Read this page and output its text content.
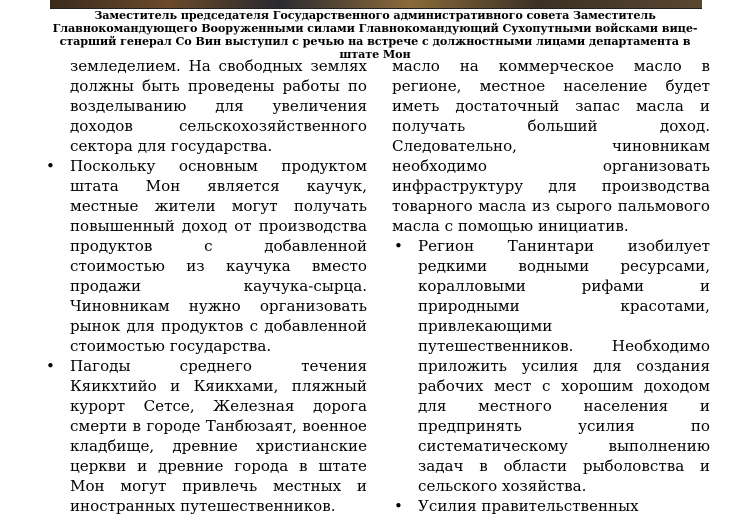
Заместитель председателя Государственного административного совета Заместитель Главнокомандующего Вооруженными силами Главнокомандующий Сухопутными войсками вице-старший генерал Со Вин выступил с речью на встрече с должностными лицами департамента в штате Мон

земледелием. На свободных землях должны быть проведены работы по возделыванию для увеличения доходов сельскохозяйственного сектора для государства.

• Поскольку основным продуктом штата Мон является каучук, местные жители могут получать повышенный доход от производства продуктов с добавленной стоимостью из каучука вместо продажи каучука-сырца. Чиновникам нужно организовать рынок для продуктов с добавленной стоимостью государства.
• Пагоды среднего течения Кяикхтийо и Кяикхами, пляжный курорт Сетсе, Железная дорога смерти в городе Танбюзаят, военное кладбище, древние христианские церкви и древние города в штате Мон могут привлечь местных и иностранных путешественников.

масло на коммерческое масло в регионе, местное население будет иметь достаточный запас масла и получать больший доход. Следовательно, чиновникам необходимо организовать инфраструктуру для производства товарного масла из сырого пальмового масла с помощью инициатив.

• Регион Танинтари изобилует редкими водными ресурсами, коралловыми рифами и природными красотами, привлекающими путешественников. Необходимо приложить усилия для создания рабочих мест с хорошим доходом для местного населения и предпринять усилия по систематическому выполнению задач в области рыболовства и сельского хозяйства.
• Усилия правительственных
